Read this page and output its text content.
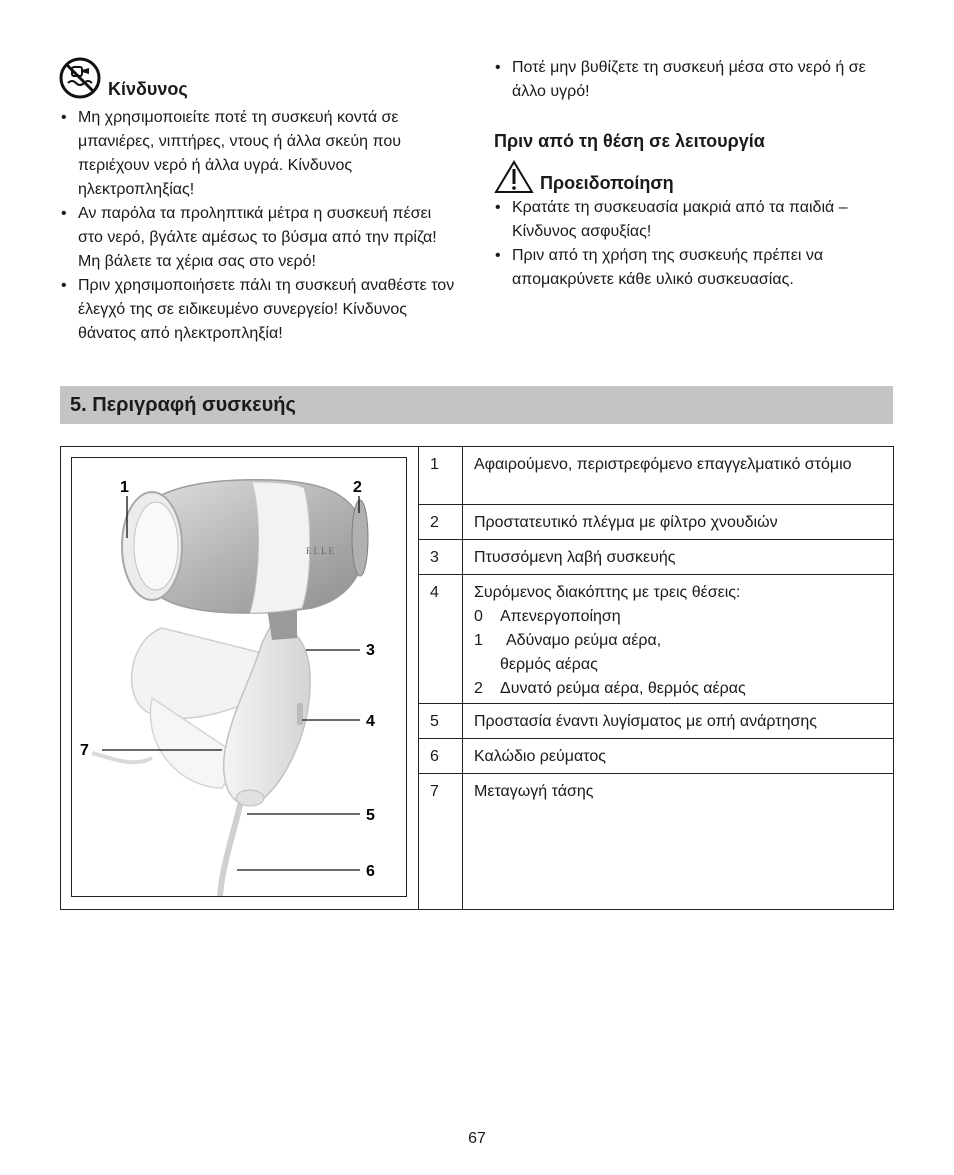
Κίνδυνος
• Μη χρησιμοποιείτε ποτέ τη συσκευή κοντά σε μπανιέρες, νιπτήρες, ντους ή άλλα σκεύη που περιέχουν νερό ή άλλα υγρά. Κίνδυνος ηλεκτροπληξίας!
• Αν παρόλα τα προληπτικά μέτρα η συσκευή πέσει στο νερό, βγάλτε αμέσως το βύσμα από την πρίζα! Μη βάλετε τα χέρια σας στο νερό!
• Πριν χρησιμοποιήσετε πάλι τη συσκευή αναθέστε τον έλεγχό της σε ειδικευμένο συνεργείο! Κίνδυνος θάνατος από ηλεκτροπληξία!
• Ποτέ μην βυθίζετε τη συσκευή μέσα στο νερό ή σε άλλο υγρό!
Πριν από τη θέση σε λειτουργία
Προειδοποίηση
• Κρατάτε τη συσκευασία μακριά από τα παιδιά – Κίνδυνος ασφυξίας!
• Πριν από τη χρήση της συσκευής πρέπει να απομακρύνετε κάθε υλικό συσκευασίας.
5. Περιγραφή συσκευής
ELLE
1	2
3
4
7
5
6
1	Αφαιρούμενο, περιστρεφόμενο επαγγελματικό στόμιο
2	Προστατευτικό πλέγμα με φίλτρο χνουδιών
3	Πτυσσόμενη λαβή συσκευής
4	Συρόμενος διακόπτης με τρεις θέσεις:
0	Απενεργοποίηση
1	Αδύναμο ρεύμα αέρα,
θερμός αέρας
2	Δυνατό ρεύμα αέρα, θερμός αέρας
5	Προστασία έναντι λυγίσματος με οπή ανάρτησης
6	Καλώδιο ρεύματος
7	Μεταγωγή τάσης
67
